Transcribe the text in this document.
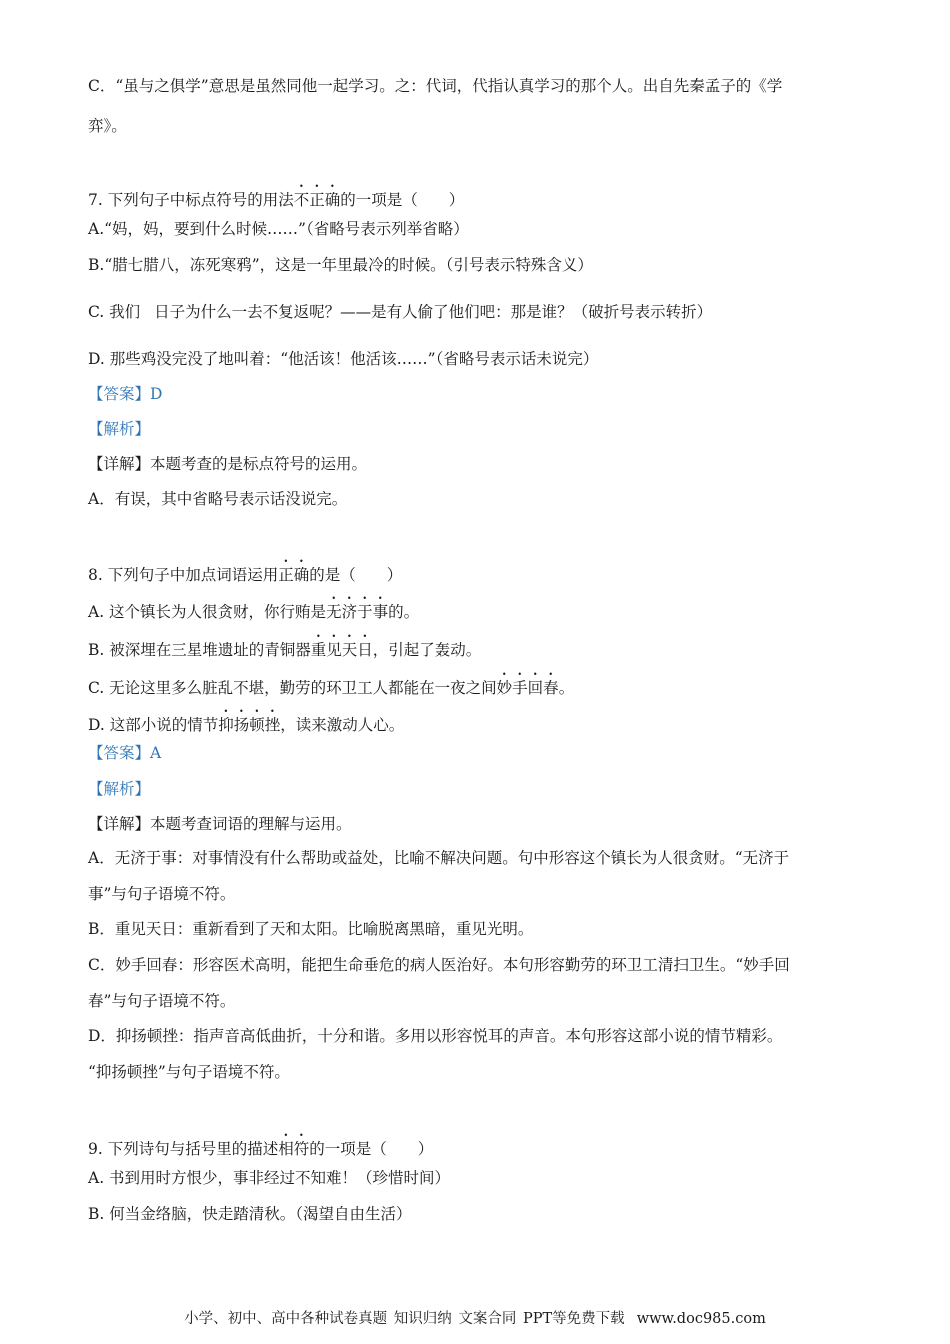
C．“虽与之俱学”意思是虽然同他一起学习。之：代词，代指认真学习的那个人。出自先秦孟子的《学
弈》。
7. 下列句子中标点符号的用法不正确的一项是（　　）
A.“妈，妈，要到什么时候……”（省略号表示列举省略）
B.“腊七腊八，冻死寒鸦”，这是一年里最冷的时候。（引号表示特殊含义）
C. 我们 日子为什么一去不复返呢？——是有人偷了他们吧：那是谁？（破折号表示转折）
D. 那些鸡没完没了地叫着：“他活该！他活该……”（省略号表示话未说完）
【答案】D
【解析】
【详解】本题考查的是标点符号的运用。
A．有误，其中省略号表示话没说完。
8. 下列句子中加点词语运用正确的是（　　）
A. 这个镇长为人很贪财，你行贿是无济于事的。
B. 被深埋在三星堆遗址的青铜器重见天日，引起了轰动。
C. 无论这里多么脏乱不堪，勤劳的环卫工人都能在一夜之间妙手回春。
D. 这部小说的情节抑扬顿挫，读来激动人心。
【答案】A
【解析】
【详解】本题考查词语的理解与运用。
A．无济于事：对事情没有什么帮助或益处，比喻不解决问题。句中形容这个镇长为人很贪财。“无济于
事”与句子语境不符。
B．重见天日：重新看到了天和太阳。比喻脱离黑暗，重见光明。
C．妙手回春：形容医术高明，能把生命垂危的病人医治好。本句形容勤劳的环卫工清扫卫生。“妙手回
春”与句子语境不符。
D．抑扬顿挫：指声音高低曲折，十分和谐。多用以形容悦耳的声音。本句形容这部小说的情节精彩。
“抑扬顿挫”与句子语境不符。
9. 下列诗句与括号里的描述相符的一项是（　　）
A. 书到用时方恨少，事非经过不知难！（珍惜时间）
B. 何当金络脑，快走踏清秋。（渴望自由生活）
小学、初中、高中各种试卷真题 知识归纳 文案合同 PPT等免费下载 www.doc985.com
